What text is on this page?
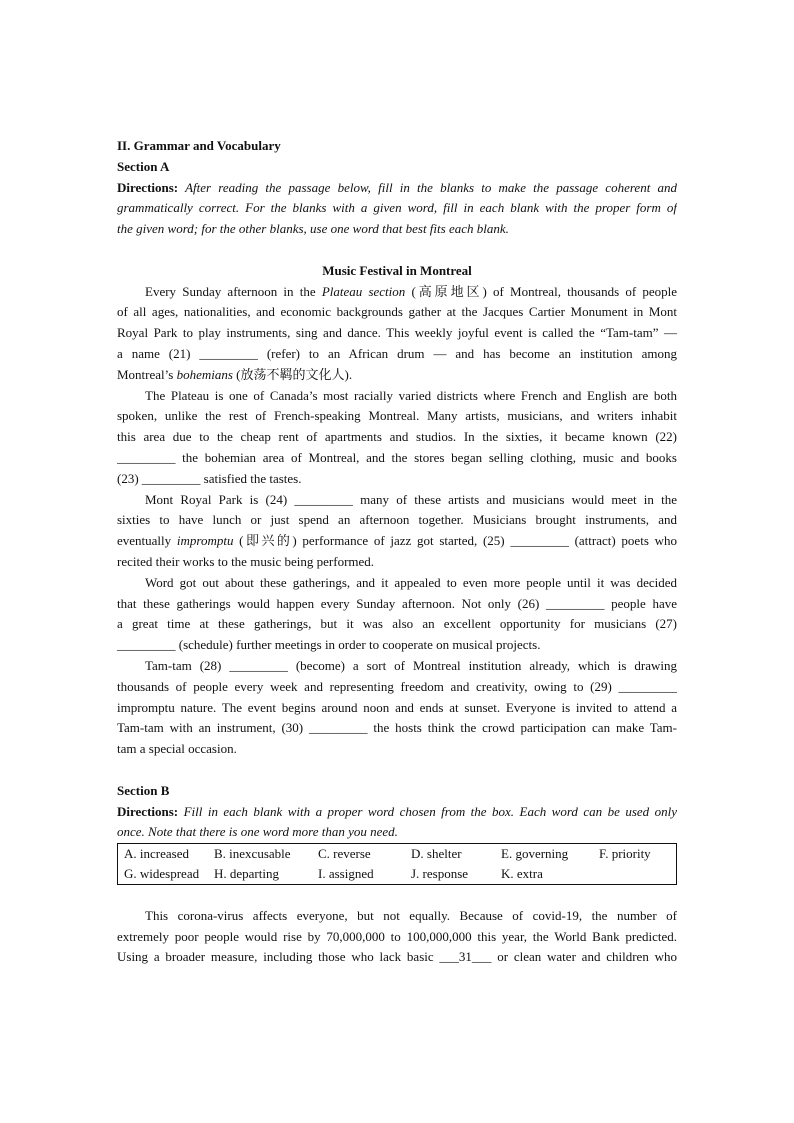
II. Grammar and Vocabulary
Section A
Directions: After reading the passage below, fill in the blanks to make the passage coherent and
grammatically correct. For the blanks with a given word, fill in each blank with the proper form of
the given word; for the other blanks, use one word that best fits each blank.
Music Festival in Montreal
Every Sunday afternoon in the Plateau section (高原地区) of Montreal, thousands of people
of all ages, nationalities, and economic backgrounds gather at the Jacques Cartier Monument in Mont
Royal Park to play instruments, sing and dance. This weekly joyful event is called the “Tam-tam” —
a name (21) _________ (refer) to an African drum — and has become an institution among
Montreal’s bohemians (放荡不羁的文化人).
The Plateau is one of Canada’s most racially varied districts where French and English are both
spoken, unlike the rest of French-speaking Montreal. Many artists, musicians, and writers inhabit
this area due to the cheap rent of apartments and studios. In the sixties, it became known (22)
_________ the bohemian area of Montreal, and the stores began selling clothing, music and books
(23) _________ satisfied the tastes.
Mont Royal Park is (24) _________ many of these artists and musicians would meet in the
sixties to have lunch or just spend an afternoon together. Musicians brought instruments, and
eventually impromptu (即兴的) performance of jazz got started, (25) _________ (attract) poets who
recited their works to the music being performed.
Word got out about these gatherings, and it appealed to even more people until it was decided
that these gatherings would happen every Sunday afternoon. Not only (26) _________ people have
a great time at these gatherings, but it was also an excellent opportunity for musicians (27)
_________ (schedule) further meetings in order to cooperate on musical projects.
Tam-tam (28) _________ (become) a sort of Montreal institution already, which is drawing
thousands of people every week and representing freedom and creativity, owing to (29) _________
impromptu nature. The event begins around noon and ends at sunset. Everyone is invited to attend a
Tam-tam with an instrument, (30) _________ the hosts think the crowd participation can make Tam-
tam a special occasion.
Section B
Directions: Fill in each blank with a proper word chosen from the box. Each word can be used only
once. Note that there is one word more than you need.
A. increased	B. inexcusable	C. reverse	D. shelter	E. governing	F. priority
G. widespread	H. departing	I. assigned	J. response	K. extra	
This corona-virus affects everyone, but not equally. Because of covid-19, the number of
extremely poor people would rise by 70,000,000 to 100,000,000 this year, the World Bank predicted.
Using a broader measure, including those who lack basic ___31___ or clean water and children who
